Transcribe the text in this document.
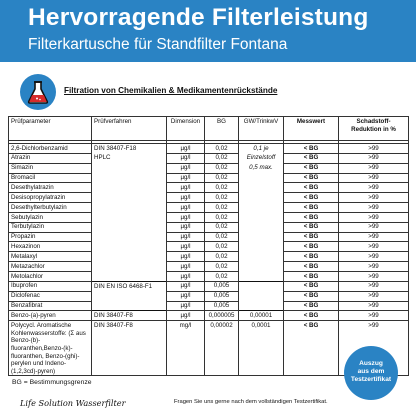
Hervorragende Filterleistung
Filterkartusche für Standfilter Fontana
Filtration von Chemikalien & Medikamentenrückstände
Prüfparameter	Prüfverfahren	Dimension	BG	GW/TrinkwV	Messwert	Schadstoff- Reduktion in %

2,6-Dichlorbenzamid	DIN 38407-F18	µg/l	0,02	0,1 je	< BG	>99
Atrazin	HPLC	µg/l	0,02	Einzelstoff	< BG	>99
Simazin		µg/l	0,02	0,5 max.	< BG	>99
Bromacil		µg/l	0,02		< BG	>99
Desethylatrazin		µg/l	0,02		< BG	>99
Desisopropylatrazin		µg/l	0,02		< BG	>99
Desethylterbutylazin		µg/l	0,02		< BG	>99
Sebutylazin		µg/l	0,02		< BG	>99
Terbutylazin		µg/l	0,02		< BG	>99
Propazin		µg/l	0,02		< BG	>99
Hexazinon		µg/l	0,02		< BG	>99
Metalaxyl		µg/l	0,02		< BG	>99
Metazachlor		µg/l	0,02		< BG	>99
Metolachlor		µg/l	0,02		< BG	>99
Ibuprofen	DIN EN ISO 6468-F1	µg/l	0,005		< BG	>99
Diclofenac		µg/l	0,005		< BG	>99
Benzafibrat		µg/l	0,005		< BG	>99
Benzo-(a)-pyren	DIN 38407-F8	µg/l	0,000005	0,00001	< BG	>99
Polycycl. Aromatische Kohlenwasserstoffe: (Σ aus Benzo-(b)-fluoranthen,Benzo-(k)-fluoranthen, Benzo-(ghi)-perylen und Indeno-(1,2,3cd)-pyren)	DIN 38407-F8	mg/l	0,00002	0,0001	< BG	>99
BG = Bestimmungsgrenze
Auszug
aus dem
Testzertifikat
Life Solution Wasserfilter	Fragen Sie uns gerne nach dem vollständigen Testzertifikat.
